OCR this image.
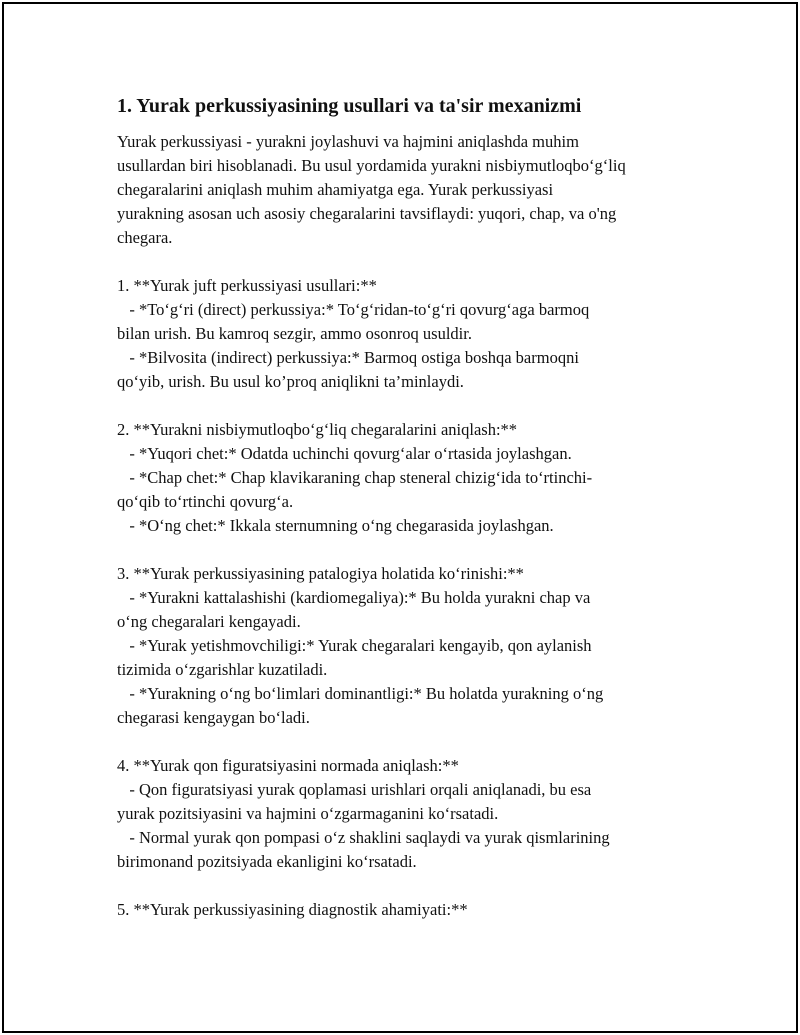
1. Yurak perkussiyasining usullari va ta'sir mexanizmi
Yurak perkussiyasi - yurakni joylashuvi va hajmini aniqlashda muhim
usullardan biri hisoblanadi. Bu usul yordamida yurakni nisbiymutloqbo‘g‘liq
chegaralarini aniqlash muhim ahamiyatga ega. Yurak perkussiyasi
yurakning asosan uch asosiy chegaralarini tavsiflaydi: yuqori, chap, va o'ng
chegara.
1. **Yurak juft perkussiyasi usullari:**
- *To‘g‘ri (direct) perkussiya:* To‘g‘ridan-to‘g‘ri qovurg‘aga barmoq
bilan urish. Bu kamroq sezgir, ammo osonroq usuldir.
- *Bilvosita (indirect) perkussiya:* Barmoq ostiga boshqa barmoqni
qo‘yib, urish. Bu usul ko’proq aniqlikni ta’minlaydi.
2. **Yurakni nisbiymutloqbo‘g‘liq chegaralarini aniqlash:**
- *Yuqori chet:* Odatda uchinchi qovurg‘alar o‘rtasida joylashgan.
- *Chap chet:* Chap klavikaraning chap steneral chizig‘ida to‘rtinchi-
qo‘qib to‘rtinchi qovurg‘a.
- *O‘ng chet:* Ikkala sternumning o‘ng chegarasida joylashgan.
3. **Yurak perkussiyasining patalogiya holatida ko‘rinishi:**
- *Yurakni kattalashishi (kardiomegaliya):* Bu holda yurakni chap va
o‘ng chegaralari kengayadi.
- *Yurak yetishmovchiligi:* Yurak chegaralari kengayib, qon aylanish
tizimida o‘zgarishlar kuzatiladi.
- *Yurakning o‘ng bo‘limlari dominantligi:* Bu holatda yurakning o‘ng
chegarasi kengaygan bo‘ladi.
4. **Yurak qon figuratsiyasini normada aniqlash:**
- Qon figuratsiyasi yurak qoplamasi urishlari orqali aniqlanadi, bu esa
yurak pozitsiyasini va hajmini o‘zgarmaganini ko‘rsatadi.
- Normal yurak qon pompasi o‘z shaklini saqlaydi va yurak qismlarining
birimonand pozitsiyada ekanligini ko‘rsatadi.
5. **Yurak perkussiyasining diagnostik ahamiyati:**
